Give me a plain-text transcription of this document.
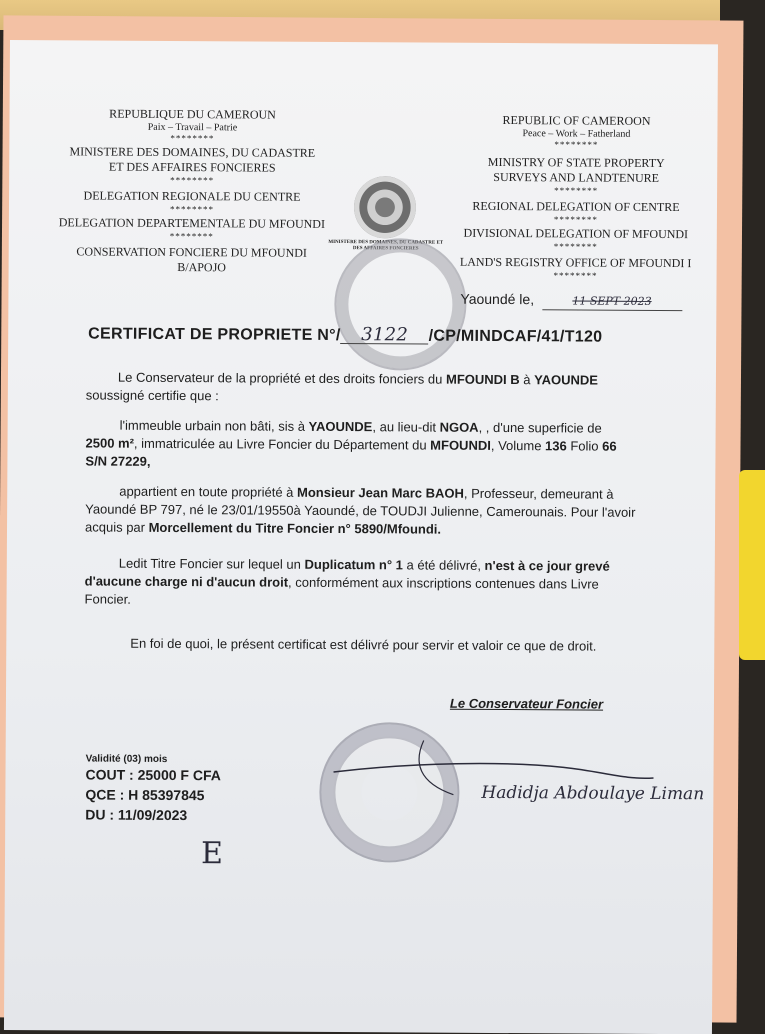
REPUBLIQUE DU CAMEROUN
Paix – Travail – Patrie
********
MINISTERE DES DOMAINES, DU CADASTRE
ET DES AFFAIRES FONCIERES
********
DELEGATION REGIONALE DU CENTRE
********
DELEGATION DEPARTEMENTALE DU MFOUNDI
********
CONSERVATION FONCIERE DU MFOUNDI
B/APOJO
MINISTERE DES DOMAINES, DU CADASTRE ET DES AFFAIRES FONCIERES
REPUBLIC OF CAMEROON
Peace – Work – Fatherland
********
MINISTRY OF STATE PROPERTY
SURVEYS AND LANDTENURE
********
REGIONAL DELEGATION OF CENTRE
********
DIVISIONAL DELEGATION OF MFOUNDI
********
LAND'S REGISTRY OFFICE OF MFOUNDI I
********
Yaoundé le,	11 SEPT 2023
CERTIFICAT DE PROPRIETE N°/ 3122 /CP/MINDCAF/41/T120
Le Conservateur de la propriété et des droits fonciers du MFOUNDI B à YAOUNDE
soussigné certifie que :
l'immeuble urbain non bâti, sis à YAOUNDE, au lieu-dit NGOA, , d'une superficie de
2500 m², immatriculée au Livre Foncier du Département du MFOUNDI, Volume 136 Folio 66
S/N 27229,
appartient en toute propriété à Monsieur Jean Marc BAOH, Professeur, demeurant à
Yaoundé BP 797, né le 23/01/19550à Yaoundé, de TOUDJI Julienne, Camerounais. Pour l'avoir
acquis par Morcellement du Titre Foncier n° 5890/Mfoundi.
Ledit Titre Foncier sur lequel un Duplicatum n° 1 a été délivré, n'est à ce jour grevé
d'aucune charge ni d'aucun droit, conformément aux inscriptions contenues dans Livre
Foncier.
En foi de quoi, le présent certificat est délivré pour servir et valoir ce que de droit.
Le Conservateur Foncier
Hadidja Abdoulaye Liman
Validité (03) mois
COUT : 25000 F CFA
QCE : H 85397845
DU : 11/09/2023
E
